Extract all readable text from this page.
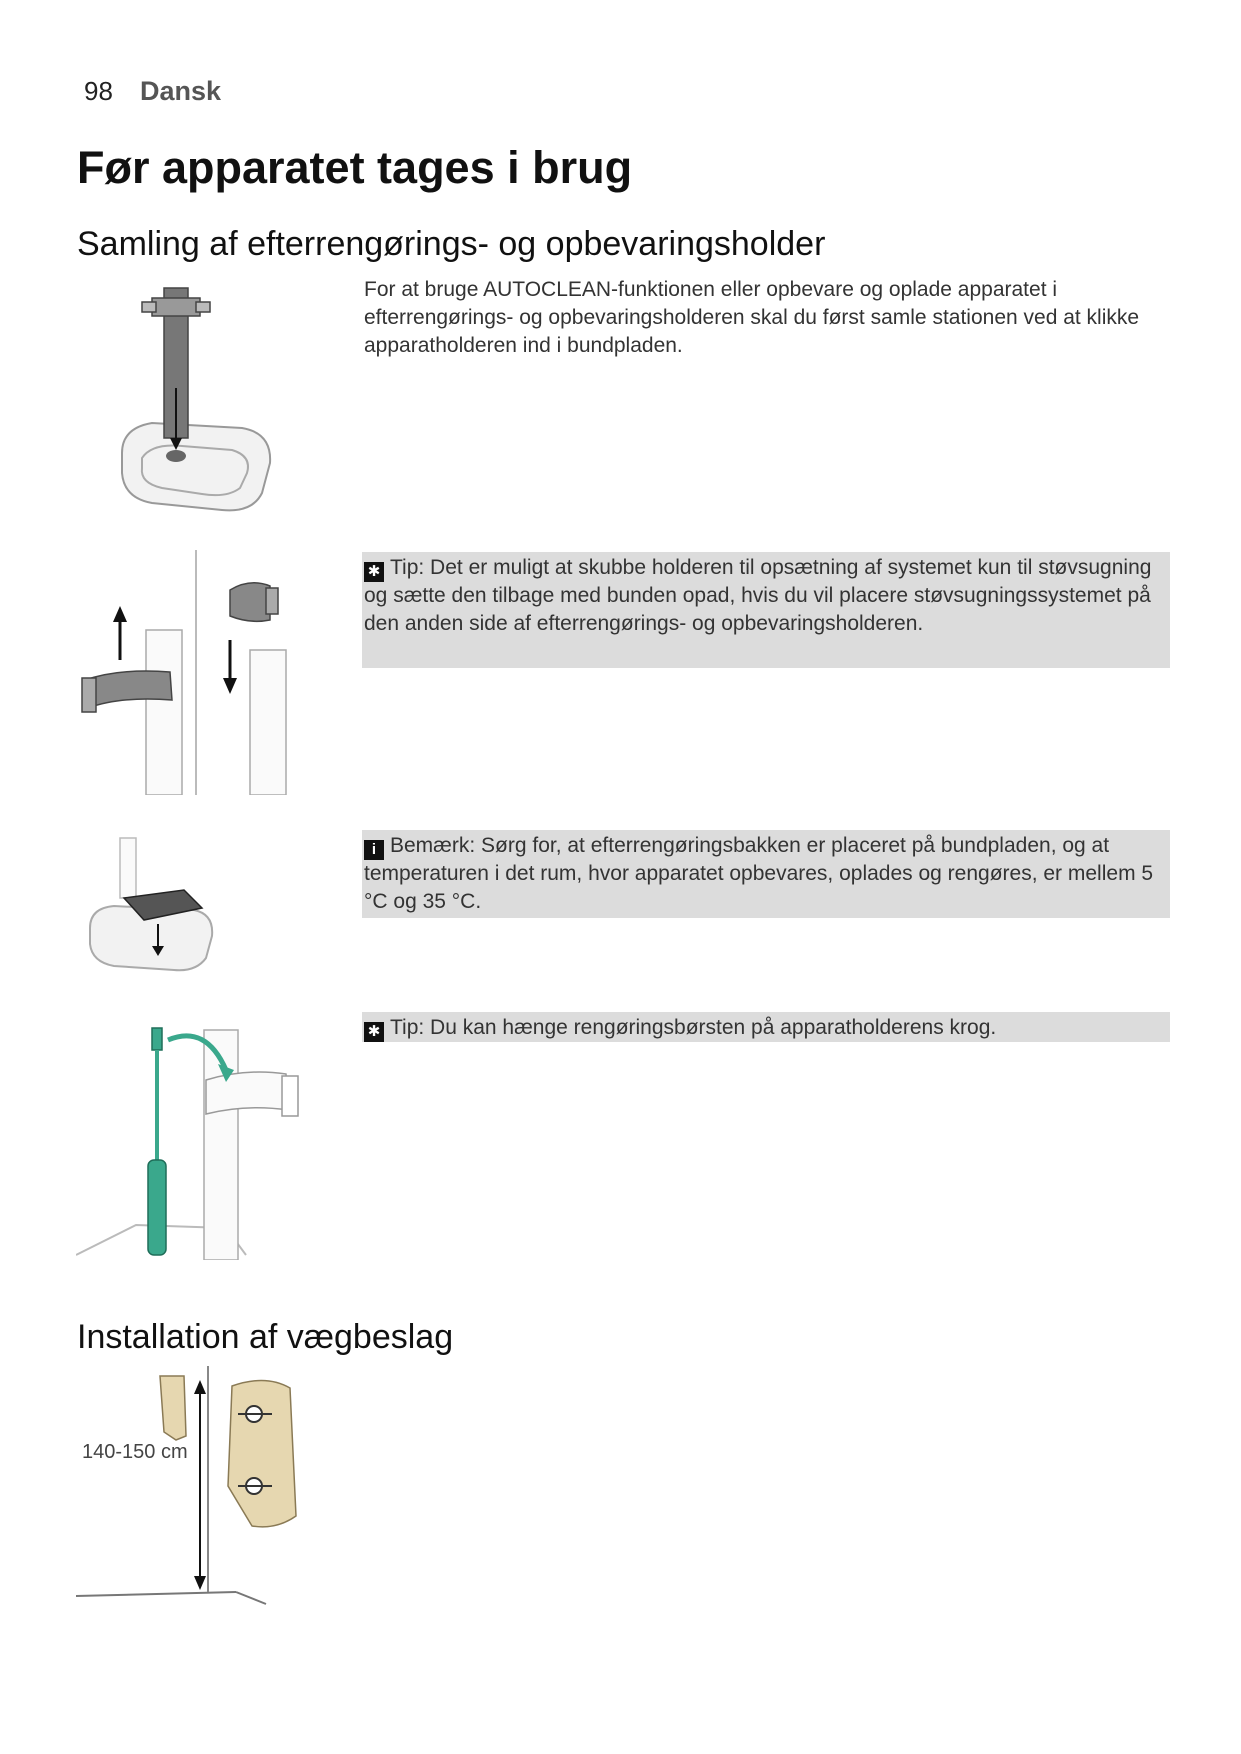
98 Dansk
Før apparatet tages i brug
Samling af efterrengørings- og opbevaringsholder
For at bruge AUTOCLEAN-funktionen eller opbevare og oplade apparatet i efterrengørings- og opbevaringsholderen skal du først samle stationen ved at klikke apparatholderen ind i bundpladen.
✱ Tip: Det er muligt at skubbe holderen til opsætning af systemet kun til støvsugning og sætte den tilbage med bunden opad, hvis du vil placere støvsugningssystemet på den anden side af efterrengørings- og opbevaringsholderen.
i Bemærk: Sørg for, at efterrengøringsbakken er placeret på bundpladen, og at temperaturen i det rum, hvor apparatet opbevares, oplades og rengøres, er mellem 5 °C og 35 °C.
✱ Tip: Du kan hænge rengøringsbørsten på apparatholderens krog.
Installation af vægbeslag
140-150 cm
